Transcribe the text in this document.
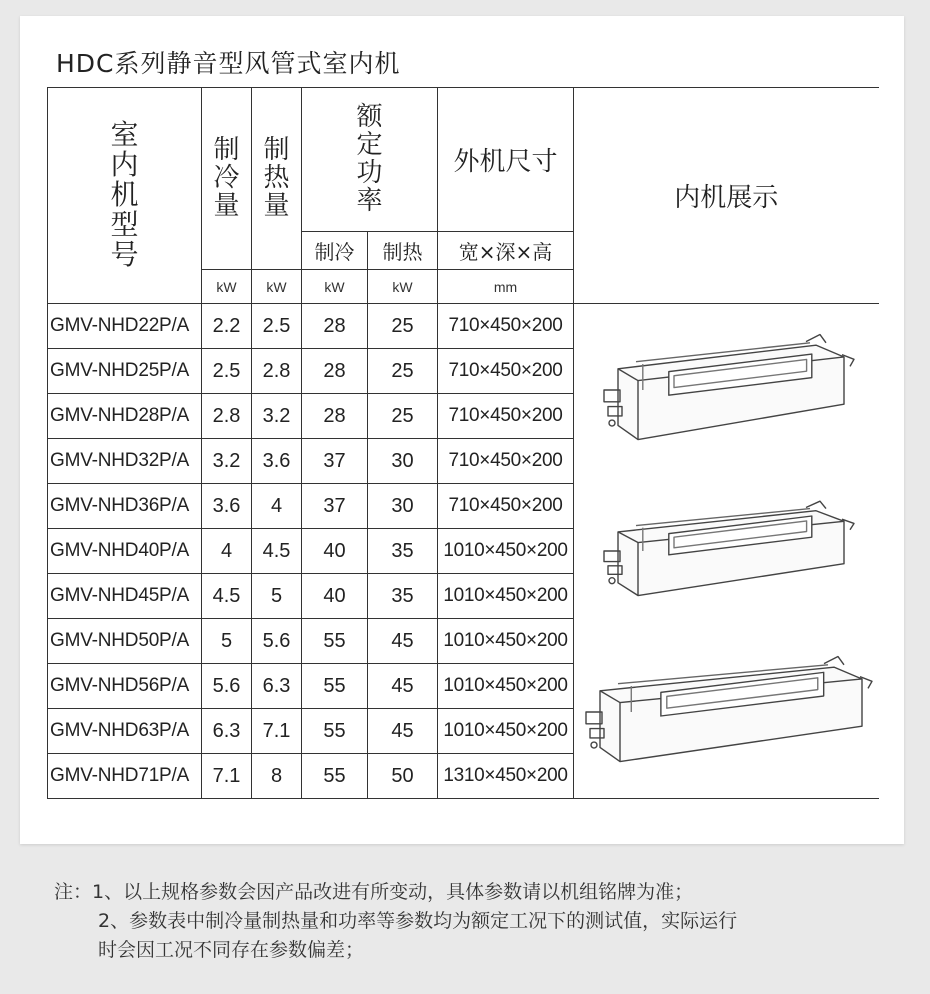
HDC系列静音型风管式室内机
室内机型号	制冷量	制热量	额定功率		外机尺寸	内机展示
			制冷	制热	宽×深×高	
	kW	kW	kW	kW	mm	
GMV-NHD22P/A	2.2	2.5	28	25	710×450×200	

GMV-NHD25P/A	2.5	2.8	28	25	710×450×200	
GMV-NHD28P/A	2.8	3.2	28	25	710×450×200	
GMV-NHD32P/A	3.2	3.6	37	30	710×450×200	
GMV-NHD36P/A	3.6	4	37	30	710×450×200	
GMV-NHD40P/A	4	4.5	40	35	1010×450×200	
GMV-NHD45P/A	4.5	5	40	35	1010×450×200	
GMV-NHD50P/A	5	5.6	55	45	1010×450×200	
GMV-NHD56P/A	5.6	6.3	55	45	1010×450×200	
GMV-NHD63P/A	6.3	7.1	55	45	1010×450×200	
GMV-NHD71P/A	7.1	8	55	50	1310×450×200	
注：1、以上规格参数会因产品改进有所变动，具体参数请以机组铭牌为准；
2、参数表中制冷量制热量和功率等参数均为额定工况下的测试值，实际运行
时会因工况不同存在参数偏差；
